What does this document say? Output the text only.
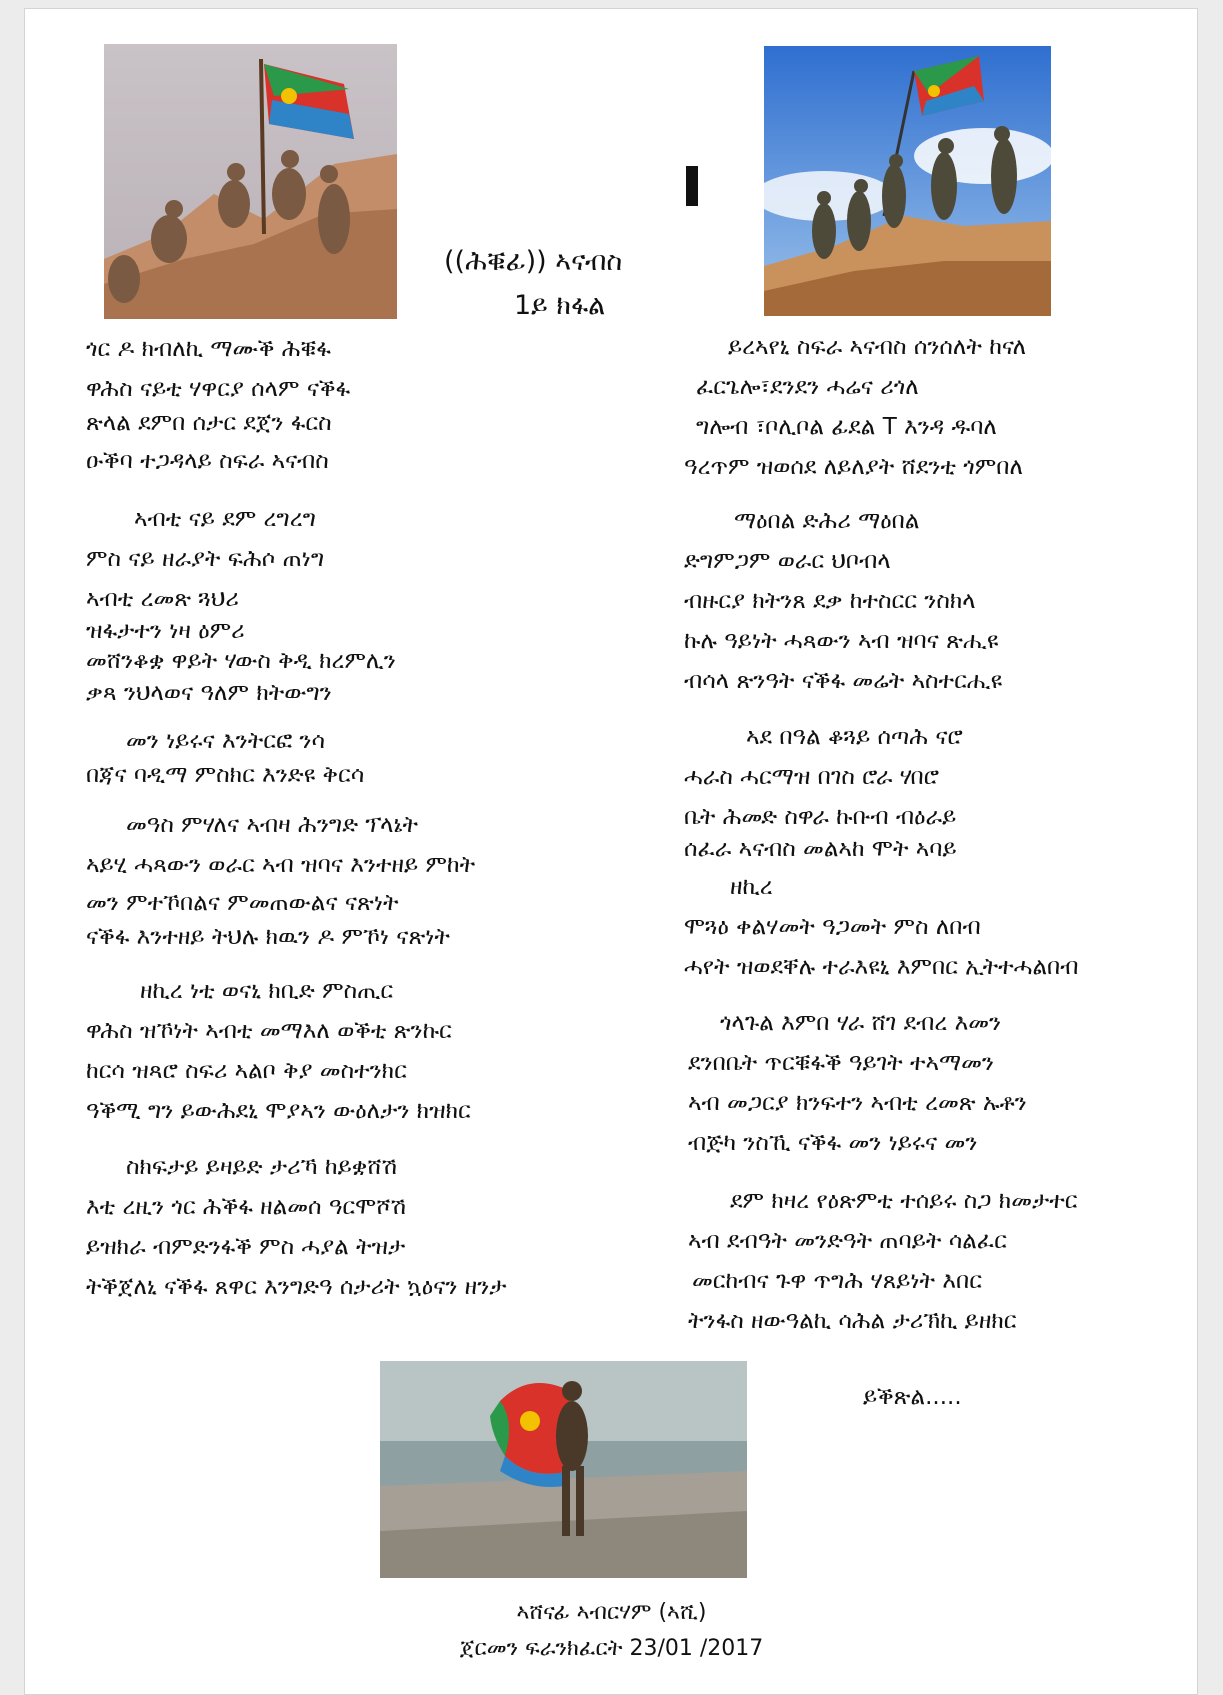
((ሕቑፊ)) ኣናብስ
1ይ ክፋል
ጎር ዶ ክብለኪ ማሙቕ ሕቑፋ
ዋሕስ ናይቲ ሃዋርያ ሰላም ናቕፋ
ጽላል ደምበ ሰታር ደጀን ፋርስ
ዑቕባ ተጋዳላይ ስፍራ ኣናብስ
ኣብቲ ናይ ደም ረግረግ
ምስ ናይ ዘራያት ፍሕሶ ጠነግ
ኣብቲ ረመጽ ጓህሪ
ዝፋታተን ነዛ ዕምሪ
መሸንቆቋ ዋይት ሃውስ ቅዲ ክረምሊን
ቃጻ ንህላወና ዓለም ክትውግን
መን ነይሩና እንትርፎ ንሳ
በጃና ባዲማ ምስክር እንድዩ ቅርሳ
መዓስ ምሃለና ኣብዛ ሕንግድ ፕላኔት
ኣይሂ ሓጻውን ወራር ኣብ ዝባና እንተዘይ ምከት
መን ምተኾበልና ምመጠውልና ናጽነት
ናቕፋ እንተዘይ ትህሉ ክዉን ዶ ምኾነ ናጽነት
ዘኪረ ነቲ ወናኒ ክቢድ ምስጢር
ዋሕስ ዝኾነት ኣብቲ መማእለ ወቕቲ ጽንኩር
ከርሳ ዝጻሮ ስፍሪ ኣልቦ ቅያ መስተንክር
ዓቕሚ ግን ይውሕደኒ ሞያኣን ውዕለታን ክዝክር
ስክፍታይ ይዛይድ ታሪኻ ከይቋሸሽ
እቲ ረዚን ጎር ሕቕፋ ዘልመሰ ዓርሞሾሽ
ይዝክራ ብምድንፋቕ ምስ ሓያል ትዝታ
ትቕጀለኒ ናቕፋ ጸዋር እንግድዓ ሰታሪት ኳዕናን ዘንታ
ይረኣየኒ ስፍራ ኣናብስ ሰንሰለት ከናለ
ፈርጌሎ፣ደንደን ሓሬና ሪጎለ
ግሎብ ፣ቦሊቦል ፊደል T እንዳ ዱባለ
ዓረጥም ዝወሰደ ለይለያት ሸደንቲ ጎምበለ
ማዕበል ድሕሪ ማዕበል
ድግምጋም ወራር ህቦብላ
ብዙርያ ክትንጸ ደቃ ከተስርር ንስክላ
ኩሉ ዓይነት ሓጻውን ኣብ ዝባና ጽሒዩ
ብሳላ ጽንዓት ናቕፋ መሬት ኣስተርሒዩ
ኣደ በዓል ቆጓይ ሰጣሕ ናሮ
ሓራስ ሓርማዝ በገስ ሮራ ሃበሮ
ቤት ሕመድ ስዋራ ኩቡብ ብዕራይ
ሰፈራ ኣናብስ መልኣከ ሞት ኣባይ
ዘኪረ
ሞጓዕ ቀልሃመት ዓጋመት ምስ ለበብ
ሓየት ዝወደቐሉ ተራእዩኒ እምበር ኢትተሓልበብ
ጎላጉል እምበ ሃራ ሸገ ደብረ እመን
ደንበቤት ጥርቑፋቕ ዓይገት ተኣማመን
ኣብ መጋርያ ክንፍተን ኣብቲ ረመጽ ኡቶን
ብጅካ ንስኺ ናቕፋ መን ነይሩና መን
ደም ክዛረ የዕጽምቲ ተሰይሩ ስጋ ክመታተር
ኣብ ደብዓት መንድዓት ጠባይት ሳልፈር
መርከብና ጉዋ ጥግሕ ሃጸይነት እበር
ትንፋስ ዘውዓልኪ ሳሕል ታሪኽኪ ይዘክር
ይቕጽል.....
ኣሸናፊ ኣብርሃም (ኣሺ)
ጀርመን ፍራንክፈርት 23/01 /2017
